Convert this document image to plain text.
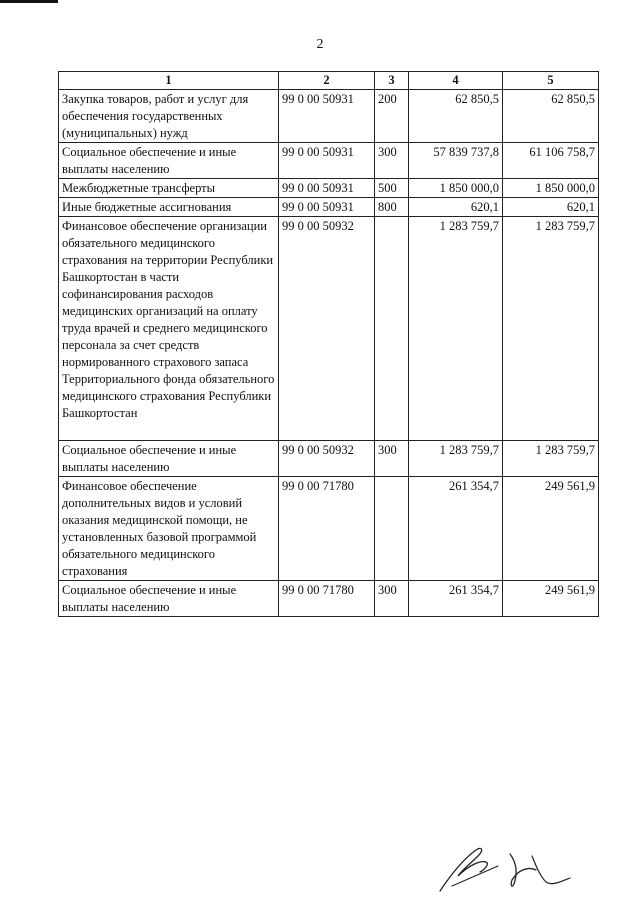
2
1	2	3	4	5
Закупка товаров, работ и услуг для обеспечения государственных (муниципальных) нужд	99 0 00 50931	200	62 850,5	62 850,5
Социальное обеспечение и иные выплаты населению	99 0 00 50931	300	57 839 737,8	61 106 758,7
Межбюджетные трансферты	99 0 00 50931	500	1 850 000,0	1 850 000,0
Иные бюджетные ассигнования	99 0 00 50931	800	620,1	620,1
Финансовое обеспечение организации обязательного медицинского страхования на территории Республики Башкортостан в части софинансирования расходов медицинских организаций на оплату труда врачей и среднего медицинского персонала за счет средств нормированного страхового запаса Территориального фонда обязательного медицинского страхования Республики Башкортостан	99 0 00 50932		1 283 759,7	1 283 759,7
Социальное обеспечение и иные выплаты населению	99 0 00 50932	300	1 283 759,7	1 283 759,7
Финансовое обеспечение дополнительных видов и условий оказания медицинской помощи, не установленных базовой программой обязательного медицинского страхования	99 0 00 71780		261 354,7	249 561,9
Социальное обеспечение и иные выплаты населению	99 0 00 71780	300	261 354,7	249 561,9
